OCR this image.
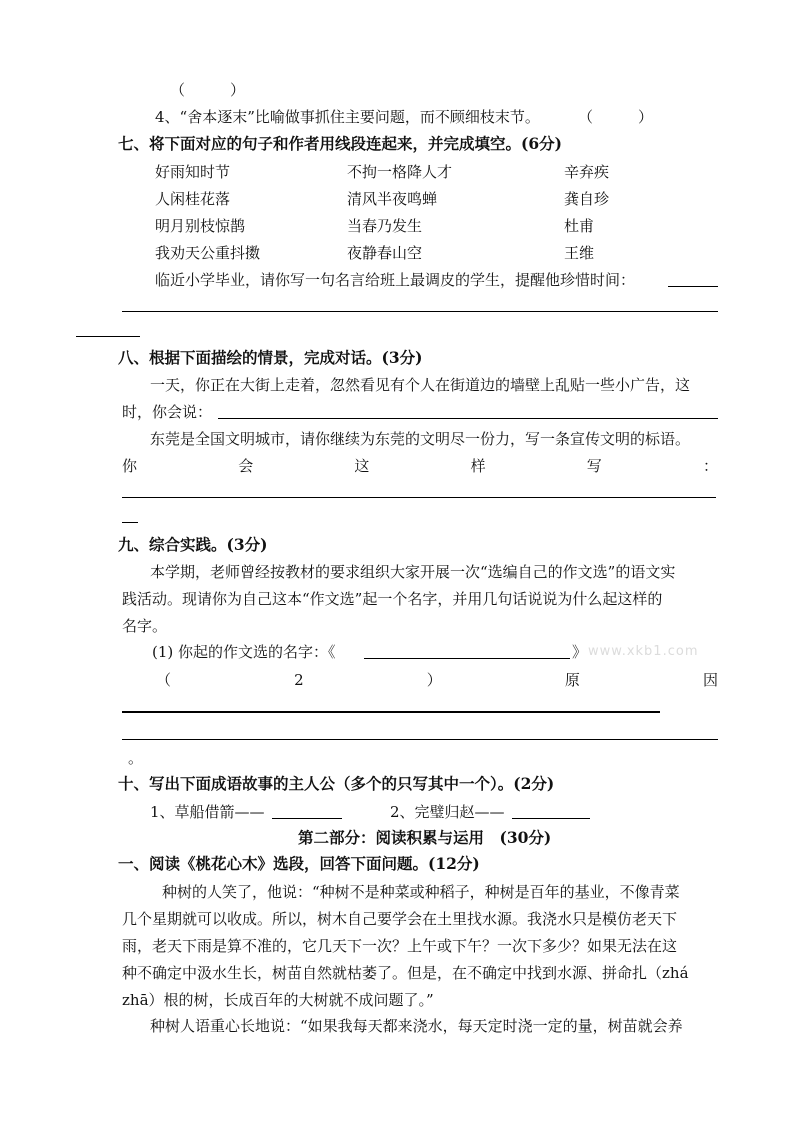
（　　　）
4、“舍本逐末”比喻做事抓住主要问题，而不顾细枝末节。	（　　　）
七、将下面对应的句子和作者用线段连起来，并完成填空。(6分)
好雨知时节	不拘一格降人才	辛弃疾
人闲桂花落	清风半夜鸣蝉	龚自珍
明月别枝惊鹊	当春乃发生	杜甫
我劝天公重抖擞	夜静春山空	王维
临近小学毕业，请你写一句名言给班上最调皮的学生，提醒他珍惜时间：
八、根据下面描绘的情景，完成对话。(3分)
一天，你正在大街上走着，忽然看见有个人在街道边的墙壁上乱贴一些小广告，这
时，你会说：
东莞是全国文明城市，请你继续为东莞的文明尽一份力，写一条宣传文明的标语。
你	会	这	样	写	：
九、综合实践。(3分)
本学期，老师曾经按教材的要求组织大家开展一次“选编自己的作文选”的语文实
践活动。现请你为自己这本“作文选”起一个名字，并用几句话说说为什么起这样的
名字。
(1) 你起的作文选的名字：《	》 www.xkb1.com
（	2	）	原	因
。
十、写出下面成语故事的主人公（多个的只写其中一个）。(2分)
1、草船借箭——	2、完璧归赵——
第二部分：阅读积累与运用　(30分)
一、阅读《桃花心木》选段，回答下面问题。(12分)
种树的人笑了，他说：“种树不是种菜或种稻子，种树是百年的基业，不像青菜
几个星期就可以收成。所以，树木自己要学会在土里找水源。我浇水只是模仿老天下
雨，老天下雨是算不准的，它几天下一次？上午或下午？一次下多少？如果无法在这
种不确定中汲水生长，树苗自然就枯萎了。但是，在不确定中找到水源、拼命扎（zhá
zhā）根的树，长成百年的大树就不成问题了。”
种树人语重心长地说：“如果我每天都来浇水，每天定时浇一定的量，树苗就会养
